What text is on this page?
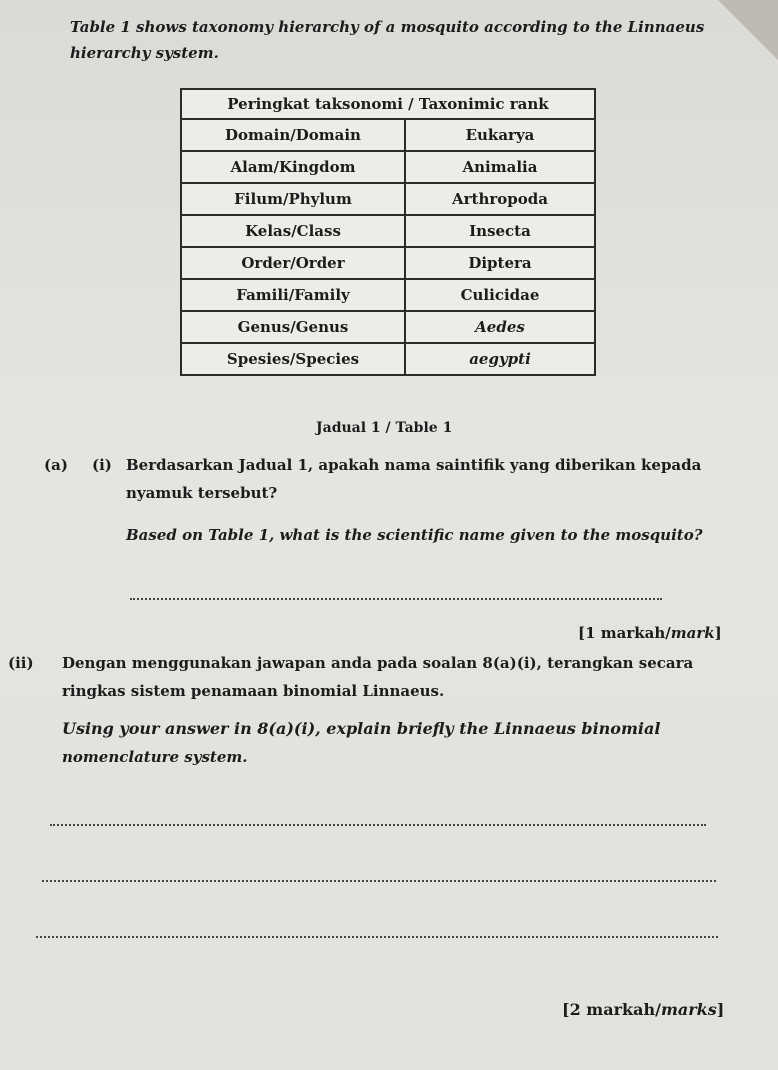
Table 1 shows taxonomy hierarchy of a mosquito according to the Linnaeus hierarchy system.
Peringkat taksonomi / Taxonimic rank	
Domain/Domain	Eukarya
Alam/Kingdom	Animalia
Filum/Phylum	Arthropoda
Kelas/Class	Insecta
Order/Order	Diptera
Famili/Family	Culicidae
Genus/Genus	Aedes
Spesies/Species	aegypti
Jadual 1 / Table 1
(a) (i) Berdasarkan Jadual 1, apakah nama saintifik yang diberikan kepada
nyamuk tersebut?
Based on Table 1, what is the scientific name given to the mosquito?
[1 markah/mark]
(ii) Dengan menggunakan jawapan anda pada soalan 8(a)(i), terangkan secara
ringkas sistem penamaan binomial Linnaeus.
Using your answer in 8(a)(i), explain briefly the Linnaeus binomial
nomenclature system.
[2 markah/marks]
